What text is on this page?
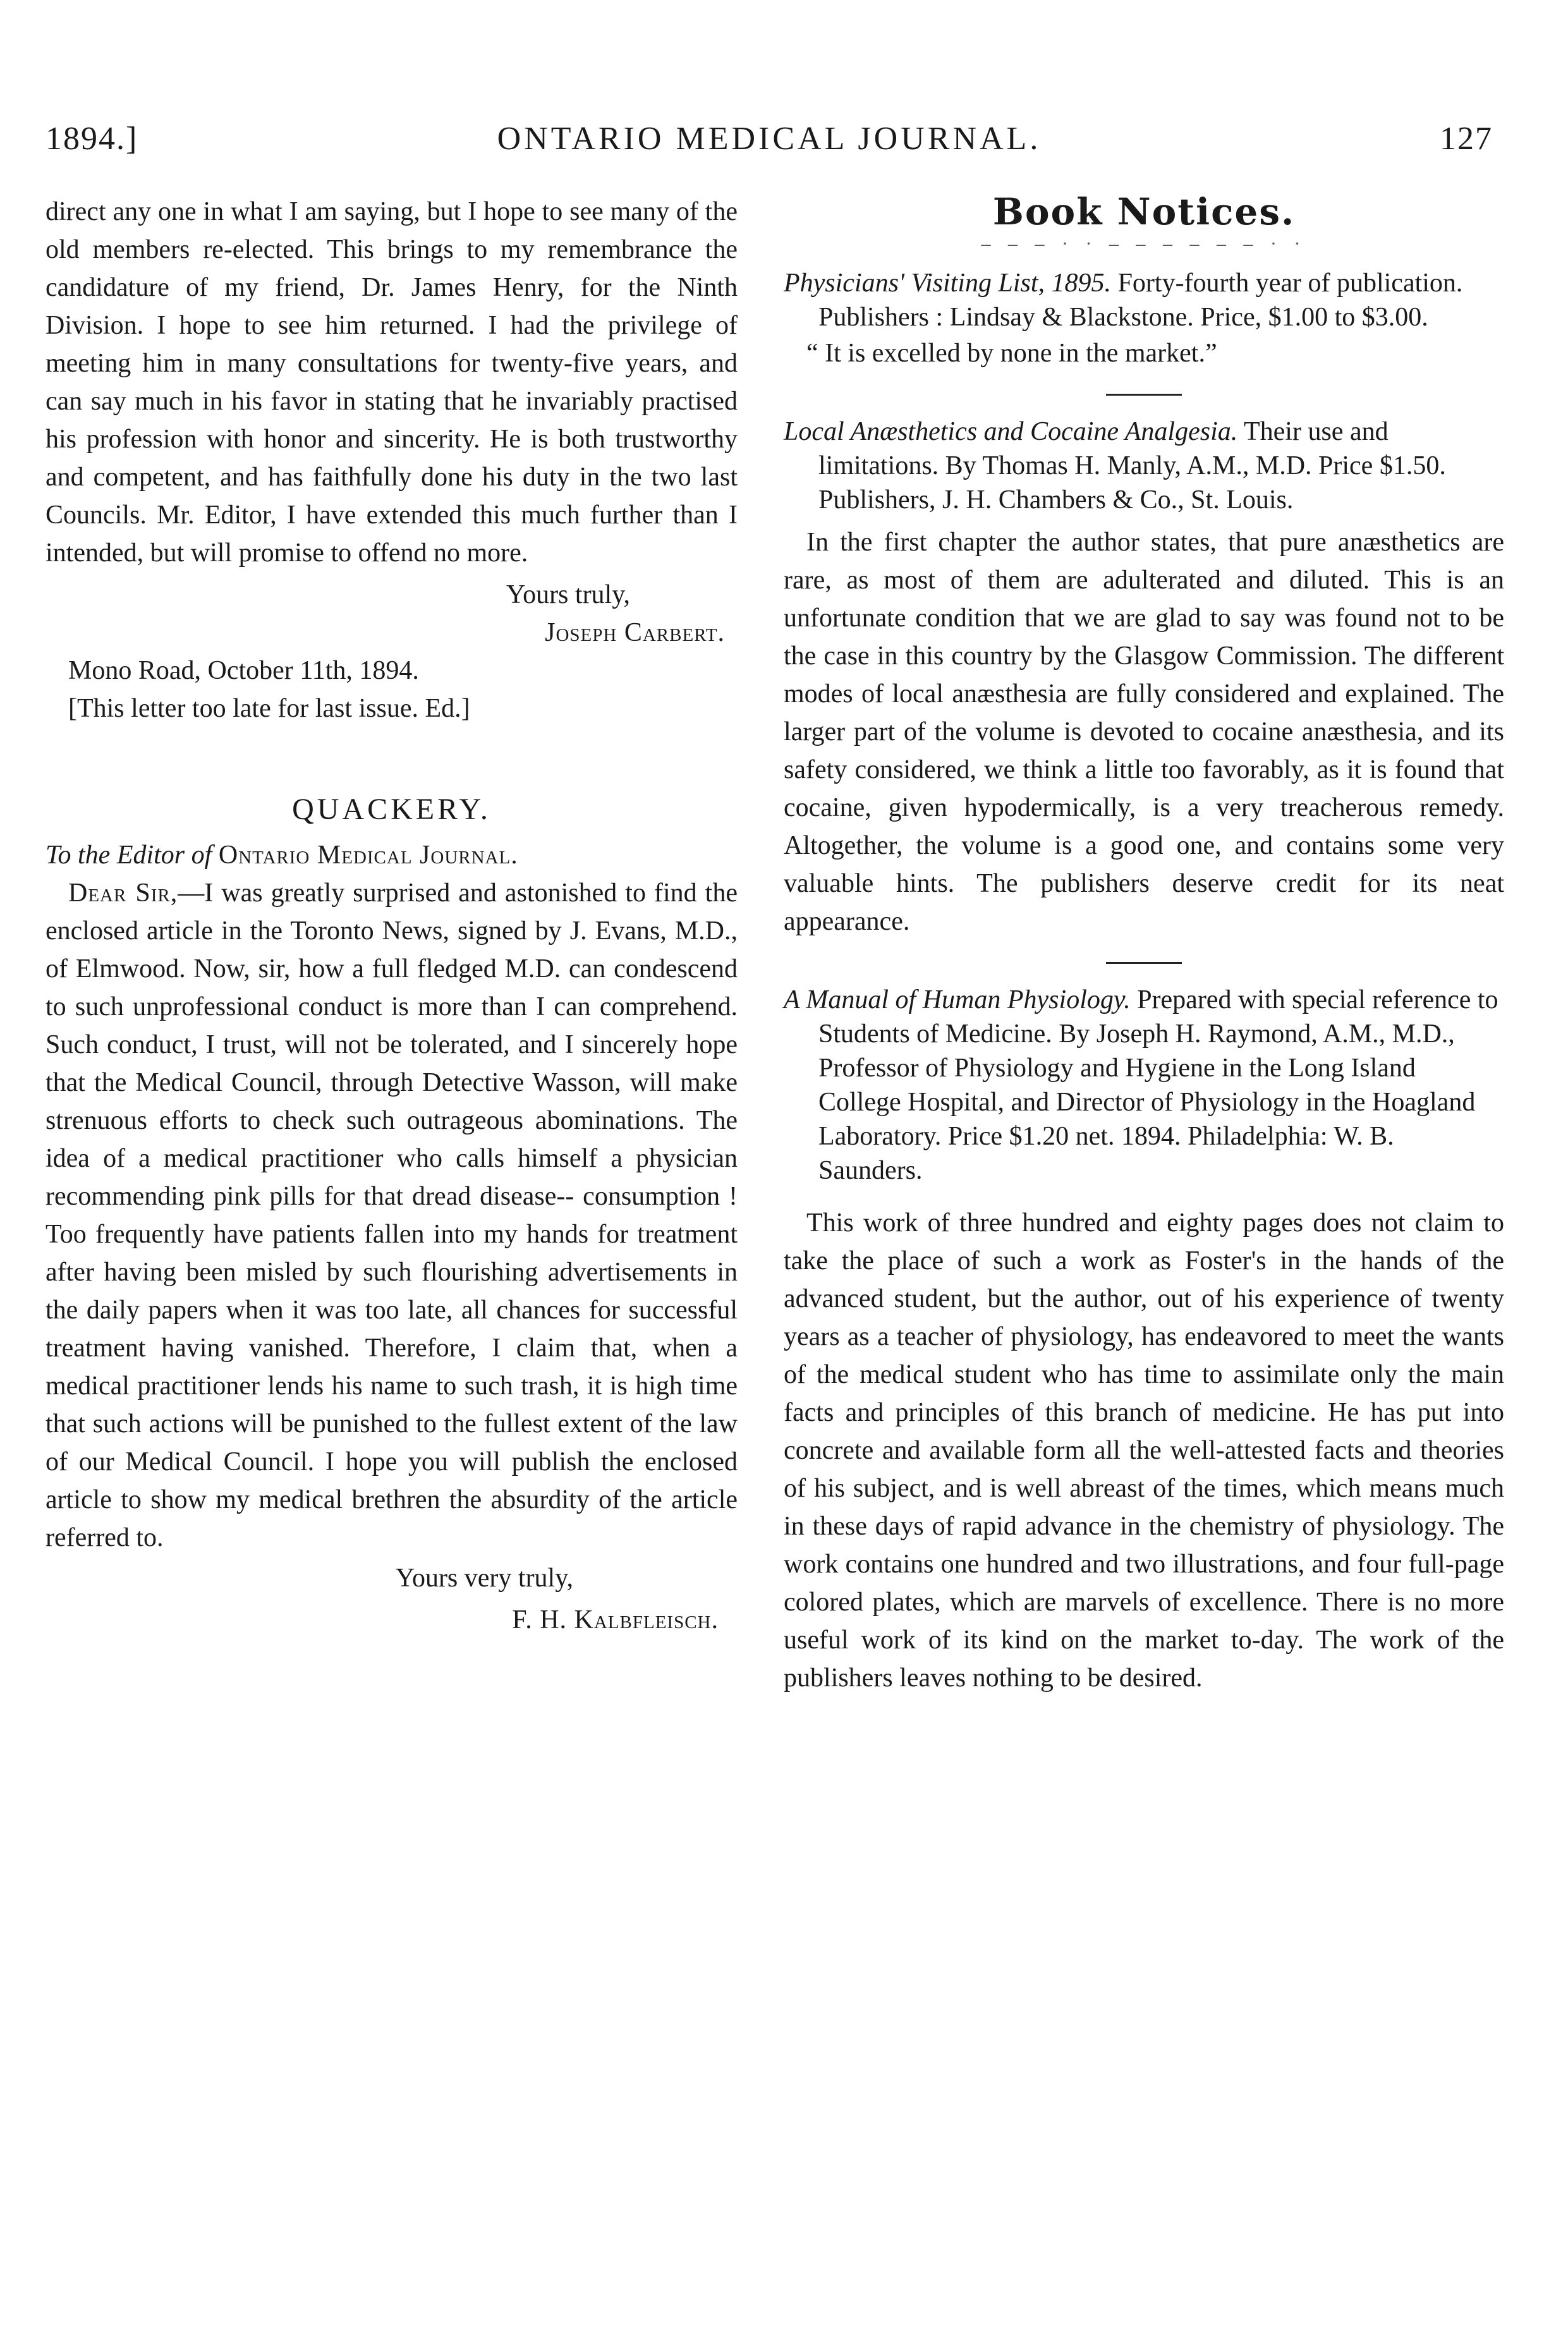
1894.]	ONTARIO MEDICAL JOURNAL.	127

direct any one in what I am saying, but I hope to see many of the old members re-elected. This brings to my remembrance the candidature of my friend, Dr. James Henry, for the Ninth Division. I hope to see him returned. I had the privilege of meeting him in many consultations for twenty-five years, and can say much in his favor in stating that he invariably practised his profession with honor and sincerity. He is both trustworthy and competent, and has faithfully done his duty in the two last Councils. Mr. Editor, I have extended this much further than I intended, but will promise to offend no more.

Yours truly,

Joseph Carbert.

Mono Road, October 11th, 1894.

[This letter too late for last issue. Ed.]

QUACKERY.

To the Editor of Ontario Medical Journal.

Dear Sir,—I was greatly surprised and astonished to find the enclosed article in the Toronto News, signed by J. Evans, M.D., of Elmwood. Now, sir, how a full fledged M.D. can condescend to such unprofessional conduct is more than I can comprehend. Such conduct, I trust, will not be tolerated, and I sincerely hope that the Medical Council, through Detective Wasson, will make strenuous efforts to check such outrageous abominations. The idea of a medical practitioner who calls himself a physician recommending pink pills for that dread disease-- consumption ! Too frequently have patients fallen into my hands for treatment after having been misled by such flourishing advertisements in the daily papers when it was too late, all chances for successful treatment having vanished. Therefore, I claim that, when a medical practitioner lends his name to such trash, it is high time that such actions will be punished to the fullest extent of the law of our Medical Council. I hope you will publish the enclosed article to show my medical brethren the absurdity of the article referred to.

Yours very truly,

F. H. Kalbfleisch.

Book Notices.
– – – · · – – – – – – · ·

Physicians' Visiting List, 1895. Forty-fourth year of publication. Publishers : Lindsay & Blackstone. Price, $1.00 to $3.00.

“ It is excelled by none in the market.”

Local Anæsthetics and Cocaine Analgesia. Their use and limitations. By Thomas H. Manly, A.M., M.D. Price $1.50. Publishers, J. H. Chambers & Co., St. Louis.

In the first chapter the author states, that pure anæsthetics are rare, as most of them are adulterated and diluted. This is an unfortunate condition that we are glad to say was found not to be the case in this country by the Glasgow Commission. The different modes of local anæsthesia are fully considered and explained. The larger part of the volume is devoted to cocaine anæsthesia, and its safety considered, we think a little too favorably, as it is found that cocaine, given hypodermically, is a very treacherous remedy. Altogether, the volume is a good one, and contains some very valuable hints. The publishers deserve credit for its neat appearance.

A Manual of Human Physiology. Prepared with special reference to Students of Medicine. By Joseph H. Raymond, A.M., M.D., Professor of Physiology and Hygiene in the Long Island College Hospital, and Director of Physiology in the Hoagland Laboratory. Price $1.20 net. 1894. Philadelphia: W. B. Saunders.

This work of three hundred and eighty pages does not claim to take the place of such a work as Foster's in the hands of the advanced student, but the author, out of his experience of twenty years as a teacher of physiology, has endeavored to meet the wants of the medical student who has time to assimilate only the main facts and principles of this branch of medicine. He has put into concrete and available form all the well-attested facts and theories of his subject, and is well abreast of the times, which means much in these days of rapid advance in the chemistry of physiology. The work contains one hundred and two illustrations, and four full-page colored plates, which are marvels of excellence. There is no more useful work of its kind on the market to-day. The work of the publishers leaves nothing to be desired.
